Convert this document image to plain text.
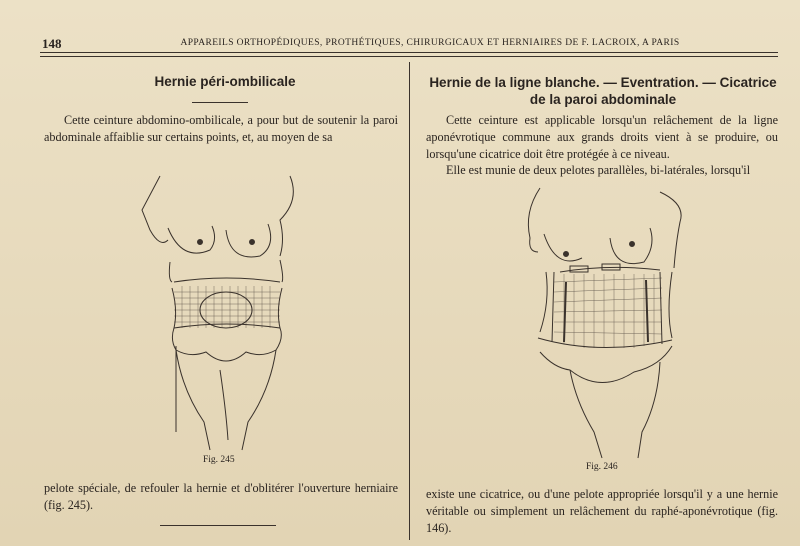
148	APPAREILS ORTHOPÉDIQUES, PROTHÉTIQUES, CHIRURGICAUX ET HERNIAIRES DE F. LACROIX, A PARIS
Hernie péri-ombilicale
Cette ceinture abdomino-ombilicale, a pour but de soutenir la paroi abdominale affaiblie sur certains points, et, au moyen de sa
Fig. 245
pelote spéciale, de refouler la hernie et d'oblitérer l'ouverture herniaire (fig. 245).
Hernie de la ligne blanche. — Eventration. — Cicatrice
de la paroi abdominale
Cette ceinture est applicable lorsqu'un relâchement de la ligne aponévrotique commune aux grands droits vient à se produire, ou lorsqu'une cicatrice doit être protégée à ce niveau.
Elle est munie de deux pelotes parallèles, bi-latérales, lorsqu'il
Fig. 246
existe une cicatrice, ou d'une pelote appropriée lorsqu'il y a une hernie véritable ou simplement un relâchement du raphé-aponévrotique (fig. 146).
